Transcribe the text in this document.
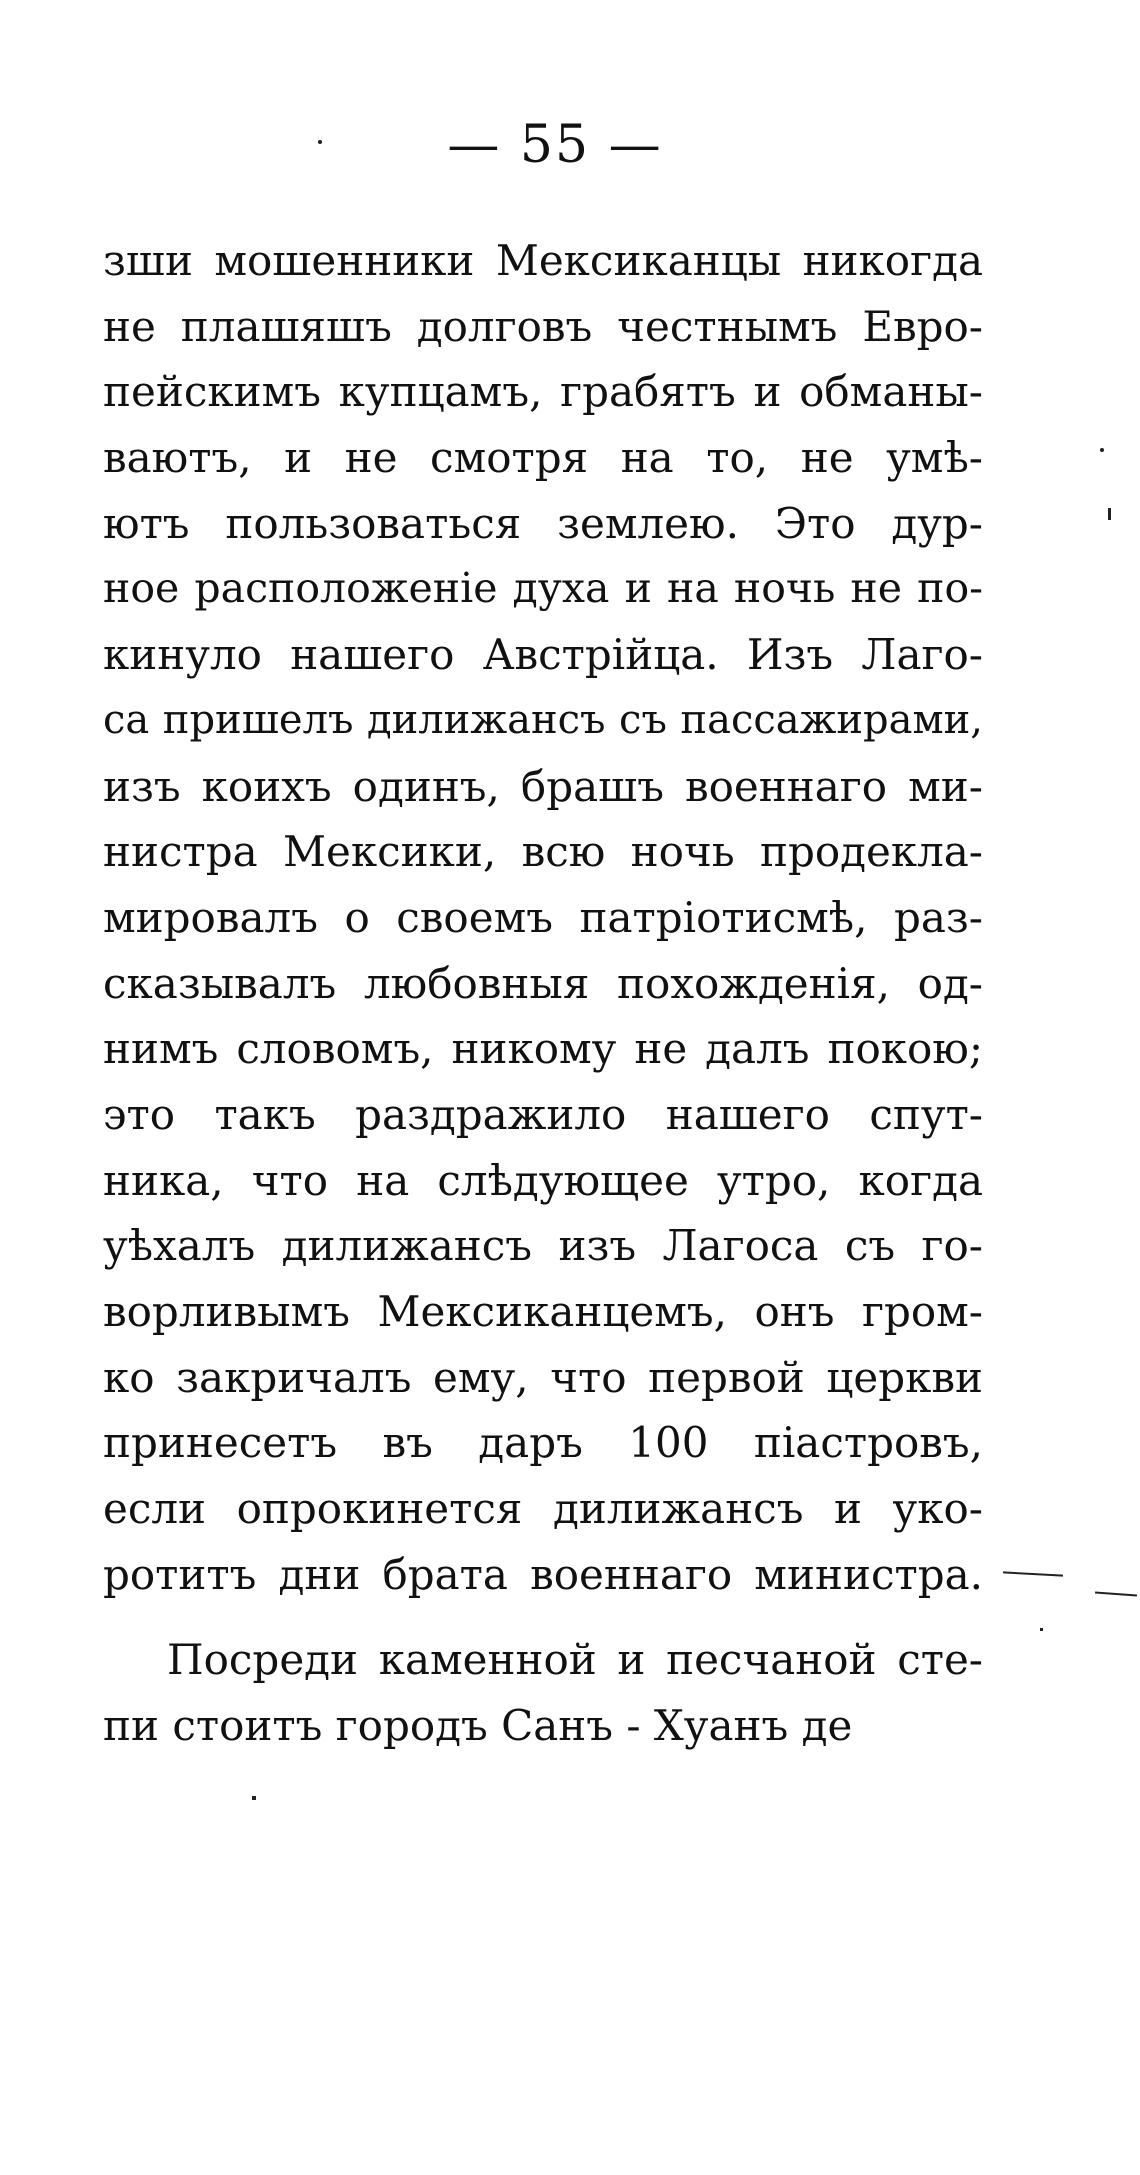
— 55 —
зши мошенники Мексиканцы никогда
не плашяшъ долговъ честнымъ Евро-
пейскимъ купцамъ, грабятъ и обманы-
ваютъ, и не смотря на то, не умѣ-
ютъ пользоваться землею. Это дур-
ное расположенie духа и на ночь не по-
кинуло нашего Австрiйца. Изъ Лаго-
са пришелъ дилижансъ съ пассажирами,
изъ коихъ одинъ, брашъ военнаго ми-
нистра Мексики, всю ночь продекла-
мировалъ о своемъ патрiотисмѣ, раз-
сказывалъ любовныя похожденiя, од-
нимъ словомъ, никому не далъ покою;
это такъ раздражило нашего спут-
ника, что на слѣдующее утро, когда
уѣхалъ дилижансъ изъ Лагоса съ го-
ворливымъ Мексиканцемъ, онъ гром-
ко закричалъ ему, что первой церкви
принесетъ въ даръ 100 пiастровъ,
если опрокинется дилижансъ и уко-
ротитъ дни брата военнаго министра.
Посреди каменной и песчаной сте-
пи стоитъ городъ Санъ - Хуанъ де
